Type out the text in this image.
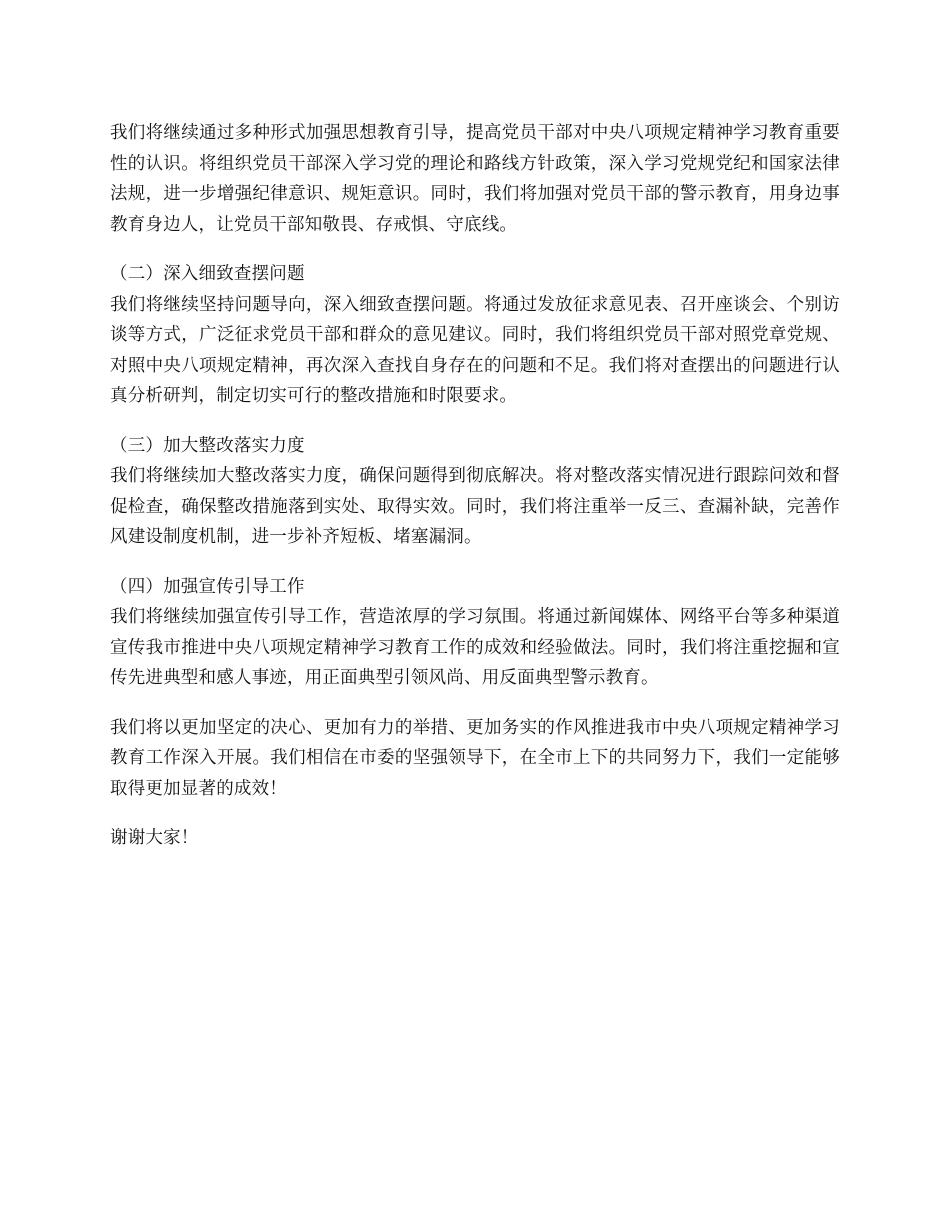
我们将继续通过多种形式加强思想教育引导，提高党员干部对中央八项规定精神学习教育重要性的认识。将组织党员干部深入学习党的理论和路线方针政策，深入学习党规党纪和国家法律法规，进一步增强纪律意识、规矩意识。同时，我们将加强对党员干部的警示教育，用身边事教育身边人，让党员干部知敬畏、存戒惧、守底线。

（二）深入细致查摆问题

我们将继续坚持问题导向，深入细致查摆问题。将通过发放征求意见表、召开座谈会、个别访谈等方式，广泛征求党员干部和群众的意见建议。同时，我们将组织党员干部对照党章党规、对照中央八项规定精神，再次深入查找自身存在的问题和不足。我们将对查摆出的问题进行认真分析研判，制定切实可行的整改措施和时限要求。

（三）加大整改落实力度

我们将继续加大整改落实力度，确保问题得到彻底解决。将对整改落实情况进行跟踪问效和督促检查，确保整改措施落到实处、取得实效。同时，我们将注重举一反三、查漏补缺，完善作风建设制度机制，进一步补齐短板、堵塞漏洞。

（四）加强宣传引导工作

我们将继续加强宣传引导工作，营造浓厚的学习氛围。将通过新闻媒体、网络平台等多种渠道宣传我市推进中央八项规定精神学习教育工作的成效和经验做法。同时，我们将注重挖掘和宣传先进典型和感人事迹，用正面典型引领风尚、用反面典型警示教育。

我们将以更加坚定的决心、更加有力的举措、更加务实的作风推进我市中央八项规定精神学习教育工作深入开展。我们相信在市委的坚强领导下，在全市上下的共同努力下，我们一定能够取得更加显著的成效！

谢谢大家！
